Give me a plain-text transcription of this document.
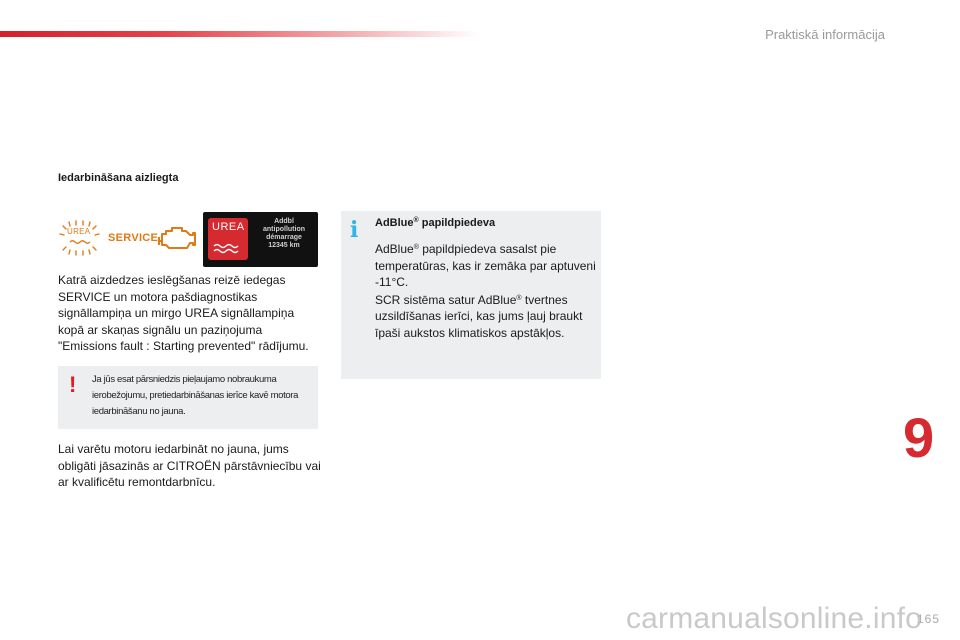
Praktiskā informācija
Iedarbināšana aizliegta
UREA
SERVICE
UREA	Addbl
antipollution
démarrage
12345 km

Katrā aizdedzes ieslēgšanas reizē iedegas SERVICE un motora pašdiagnostikas signāllampiņa un mirgo UREA signāllampiņa kopā ar skaņas signālu un paziņojuma "Emissions fault : Starting prevented" rādījumu.

! Ja jūs esat pārsniedzis pieļaujamo nobraukuma ierobežojumu, pretiedarbināšanas ierīce kavē motora iedarbināšanu no jauna.

Lai varētu motoru iedarbināt no jauna, jums obligāti jāsazinās ar CITROËN pārstāvniecību vai ar kvalificētu remontdarbnīcu.

i AdBlue® papildpiedeva

AdBlue® papildpiedeva sasalst pie temperatūras, kas ir zemāka par aptuveni -11°C.
SCR sistēma satur AdBlue® tvertnes uzsildīšanas ierīci, kas jums ļauj braukt īpaši aukstos klimatiskos apstākļos.

9
165
carmanualsonline.info
